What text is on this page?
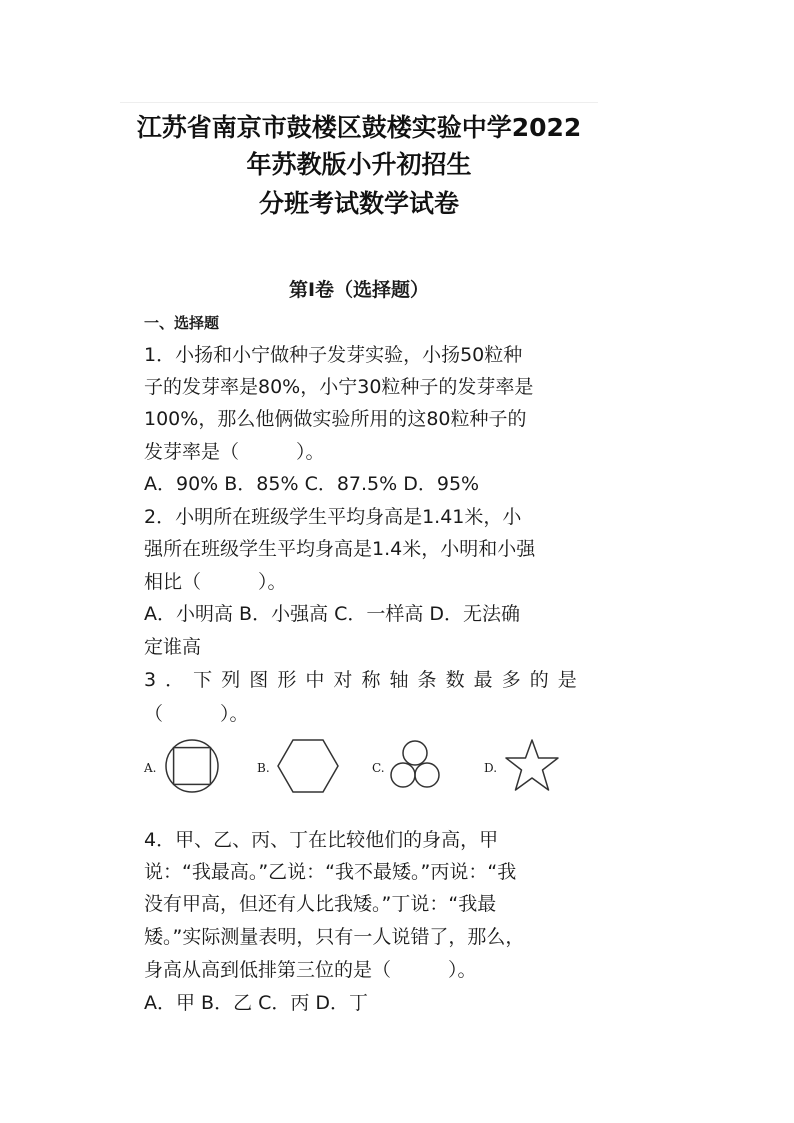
江苏省南京市鼓楼区鼓楼实验中学2022
年苏教版小升初招生
分班考试数学试卷
第Ⅰ卷（选择题）
一、选择题
1．小扬和小宁做种子发芽实验，小扬50粒种
子的发芽率是80%，小宁30粒种子的发芽率是
100%，那么他俩做实验所用的这80粒种子的
发芽率是（　　　）。
A．90% B．85% C．87.5% D．95%
2．小明所在班级学生平均身高是1.41米，小
强所在班级学生平均身高是1.4米，小明和小强
相比（　　　）。
A．小明高 B．小强高 C．一样高 D．无法确
定谁高
3 ． 下 列 图 形 中 对 称 轴 条 数 最 多 的 是
（　　　）。
A.	B.	C.	D.
4．甲、乙、丙、丁在比较他们的身高，甲
说：“我最高。”乙说：“我不最矮。”丙说：“我
没有甲高，但还有人比我矮。”丁说：“我最
矮。”实际测量表明，只有一人说错了，那么，
身高从高到低排第三位的是（　　　）。
A．甲 B．乙 C．丙 D．丁
